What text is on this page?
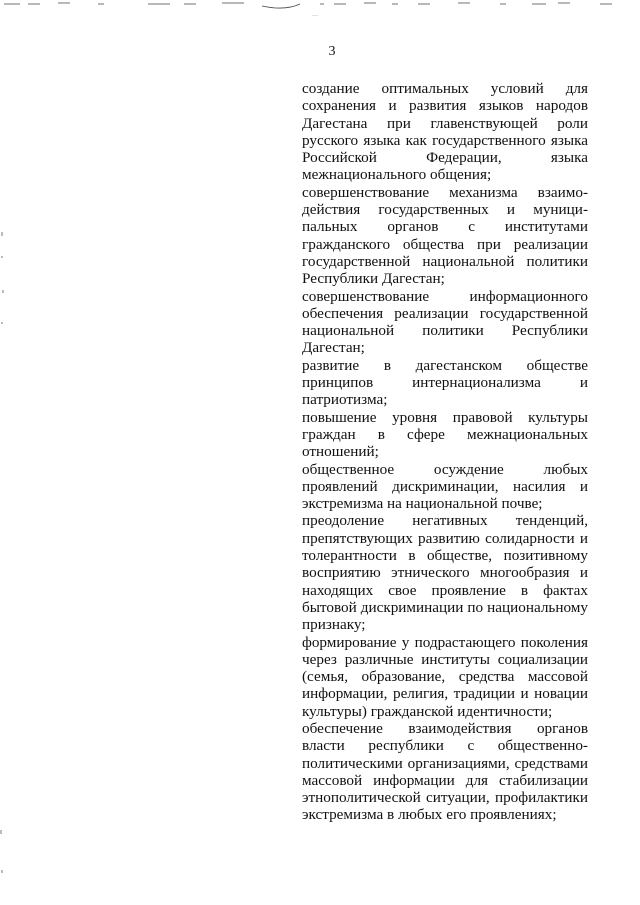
3

создание оптимальных условий для сохранения и развития языков народов Дагестана при главенствующей роли русского языка как государственного языка Российской Федерации, языка межнационального общения;

совершенствование механизма взаимодействия государственных и муниципальных органов с институтами гражданского общества при реализации государственной национальной политики Республики Дагестан;

совершенствование информационного обеспечения реализации государственной национальной политики Республики Дагестан;

развитие в дагестанском обществе принципов интернационализма и патриотизма;

повышение уровня правовой культуры граждан в сфере межнациональных отношений;

общественное осуждение любых проявлений дискриминации, насилия и экстремизма на национальной почве;

преодоление негативных тенденций, препятствующих развитию солидарности и толерантности в обществе, позитивному восприятию этнического многообразия и находящих свое проявление в фактах бытовой дискриминации по национальному признаку;

формирование у подрастающего поколения через различные институты социализации (семья, образование, средства массовой информации, религия, традиции и новации культуры) гражданской идентичности;

обеспечение взаимодействия органов власти республики с общественно-политическими организациями, средствами массовой информации для стабилизации этнополитической ситуации, профилактики экстремизма в любых его проявлениях;
